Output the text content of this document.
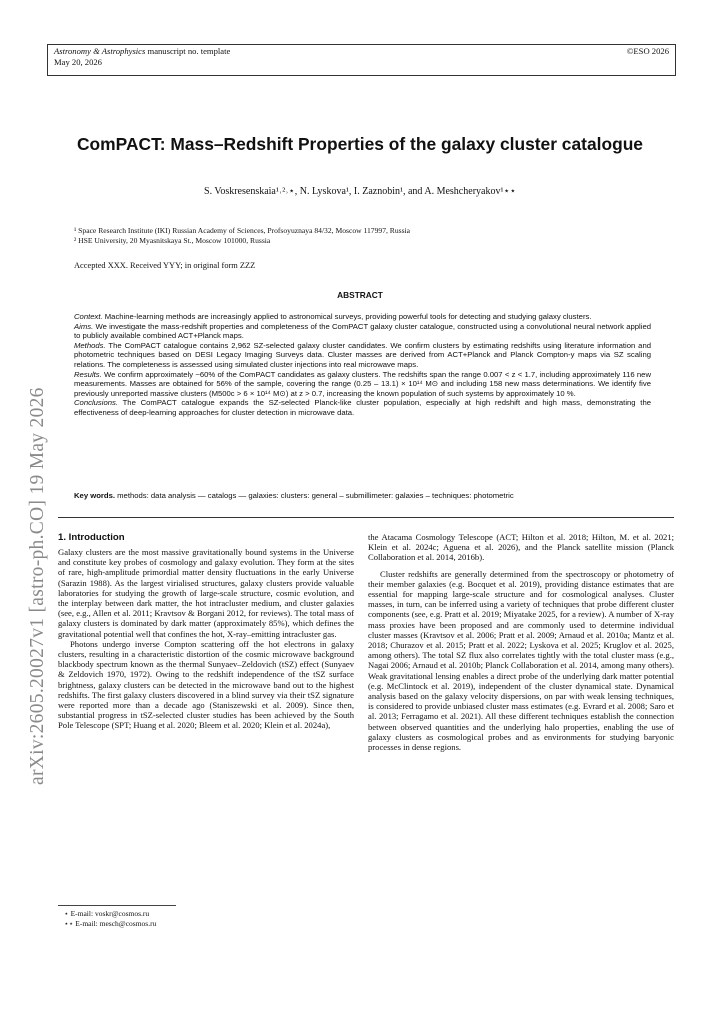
Astronomy & Astrophysics manuscript no. template
May 20, 2026
©ESO 2026
arXiv:2605.20027v1 [astro-ph.CO] 19 May 2026
ComPACT: Mass–Redshift Properties of the galaxy cluster catalogue
S. Voskresenskaia¹˒²˒⋆, N. Lyskova¹, I. Zaznobin¹, and A. Meshcheryakov¹⋆⋆
¹ Space Research Institute (IKI) Russian Academy of Sciences, Profsoyuznaya 84/32, Moscow 117997, Russia
² HSE University, 20 Myasnitskaya St., Moscow 101000, Russia
Accepted XXX. Received YYY; in original form ZZZ
ABSTRACT

Context. Machine-learning methods are increasingly applied to astronomical surveys, providing powerful tools for detecting and studying galaxy clusters.

Aims. We investigate the mass-redshift properties and completeness of the ComPACT galaxy cluster catalogue, constructed using a convolutional neural network applied to publicly available combined ACT+Planck maps.

Methods. The ComPACT catalogue contains 2,962 SZ-selected galaxy cluster candidates. We confirm clusters by estimating redshifts using literature information and photometric techniques based on DESI Legacy Imaging Surveys data. Cluster masses are derived from ACT+Planck and Planck Compton-y maps via SZ scaling relations. The completeness is assessed using simulated cluster injections into real microwave maps.

Results. We confirm approximately ~60% of the ComPACT candidates as galaxy clusters. The redshifts span the range 0.007 < z < 1.7, including approximately 116 new measurements. Masses are obtained for 56% of the sample, covering the range (0.25 – 13.1) × 10¹⁴ M⊙ and including 158 new mass determinations. We identify five previously unreported massive clusters (M500c > 6 × 10¹⁴ M⊙) at z > 0.7, increasing the known population of such systems by approximately 10 %.

Conclusions. The ComPACT catalogue expands the SZ-selected Planck-like cluster population, especially at high redshift and high mass, demonstrating the effectiveness of deep-learning approaches for cluster detection in microwave data.

Key words. methods: data analysis — catalogs — galaxies: clusters: general – submillimeter: galaxies – techniques: photometric
1. Introduction

Galaxy clusters are the most massive gravitationally bound systems in the Universe and constitute key probes of cosmology and galaxy evolution. They form at the sites of rare, high-amplitude primordial matter density fluctuations in the early Universe (Sarazin 1988). As the largest virialised structures, galaxy clusters provide valuable laboratories for studying the growth of large-scale structure, cosmic evolution, and the interplay between dark matter, the hot intracluster medium, and cluster galaxies (see, e.g., Allen et al. 2011; Kravtsov & Borgani 2012, for reviews). The total mass of galaxy clusters is dominated by dark matter (approximately 85%), which defines the gravitational potential well that confines the hot, X-ray–emitting intracluster gas.

Photons undergo inverse Compton scattering off the hot electrons in galaxy clusters, resulting in a characteristic distortion of the cosmic microwave background blackbody spectrum known as the thermal Sunyaev–Zeldovich (tSZ) effect (Sunyaev & Zeldovich 1970, 1972). Owing to the redshift independence of the tSZ surface brightness, galaxy clusters can be detected in the microwave band out to the highest redshifts. The first galaxy clusters discovered in a blind survey via their tSZ signature were reported more than a decade ago (Staniszewski et al. 2009). Since then, substantial progress in tSZ-selected cluster studies has been achieved by the South Pole Telescope (SPT; Huang et al. 2020; Bleem et al. 2020; Klein et al. 2024a),

the Atacama Cosmology Telescope (ACT; Hilton et al. 2018; Hilton, M. et al. 2021; Klein et al. 2024c; Aguena et al. 2026), and the Planck satellite mission (Planck Collaboration et al. 2014, 2016b).

Cluster redshifts are generally determined from the spectroscopy or photometry of their member galaxies (e.g. Bocquet et al. 2019), providing distance estimates that are essential for mapping large-scale structure and for cosmological analyses. Cluster masses, in turn, can be inferred using a variety of techniques that probe different cluster components (see, e.g. Pratt et al. 2019; Miyatake 2025, for a review). A number of X-ray mass proxies have been proposed and are commonly used to determine individual cluster masses (Kravtsov et al. 2006; Pratt et al. 2009; Arnaud et al. 2010a; Mantz et al. 2018; Churazov et al. 2015; Pratt et al. 2022; Lyskova et al. 2025; Kruglov et al. 2025, among others). The total SZ flux also correlates tightly with the total cluster mass (e.g., Nagai 2006; Arnaud et al. 2010b; Planck Collaboration et al. 2014, among many others). Weak gravitational lensing enables a direct probe of the underlying dark matter potential (e.g. McClintock et al. 2019), independent of the cluster dynamical state. Dynamical analysis based on the galaxy velocity dispersions, on par with weak lensing techniques, is considered to provide unbiased cluster mass estimates (e.g. Evrard et al. 2008; Saro et al. 2013; Ferragamo et al. 2021). All these different techniques establish the connection between observed quantities and the underlying halo properties, enabling the use of galaxy clusters as cosmological probes and as environments for studying baryonic processes in dense regions.

⋆ E-mail: voskr@cosmos.ru
⋆⋆ E-mail: mesch@cosmos.ru
